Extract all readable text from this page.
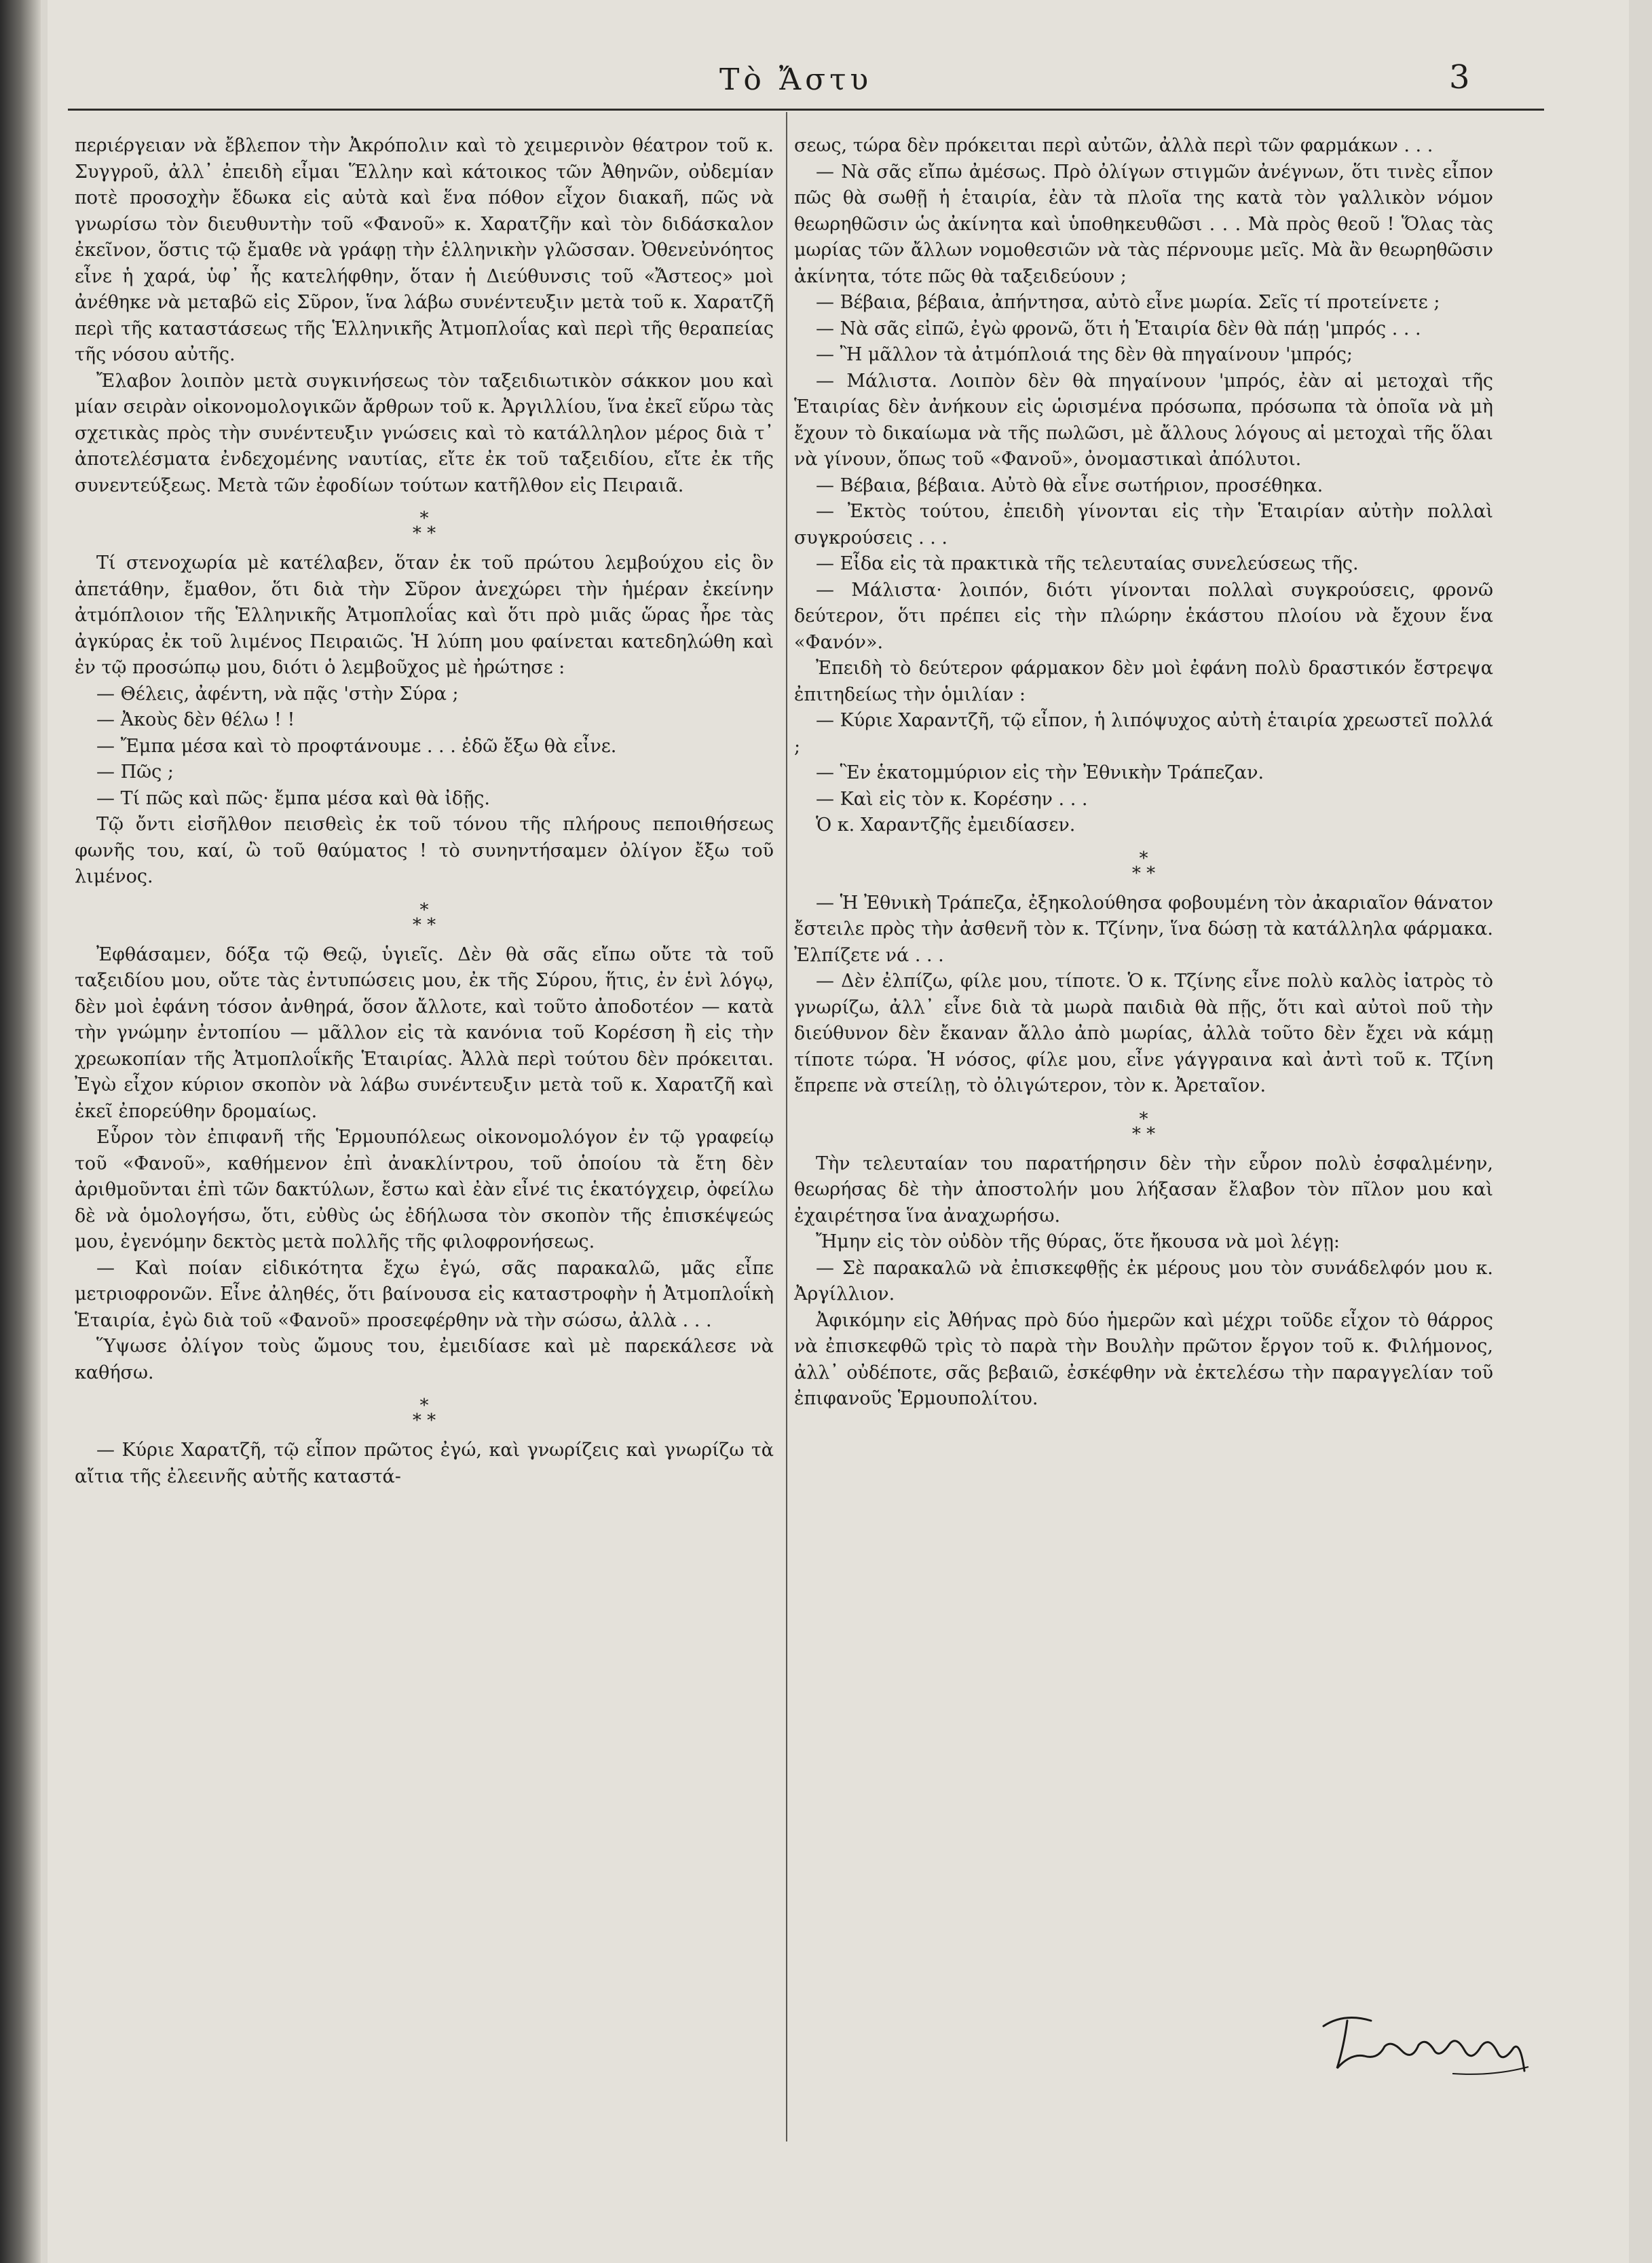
Τὸ Ἄστυ	3

περιέργειαν νὰ ἔβλεπον τὴν Ἀκρόπολιν καὶ τὸ χειμερινὸν θέατρον τοῦ κ. Συγγροῦ, ἀλλ᾽ ἐπειδὴ εἶμαι Ἕλλην καὶ κάτοικος τῶν Ἀθηνῶν, οὐδεμίαν ποτὲ προσοχὴν ἔδωκα εἰς αὐτὰ καὶ ἕνα πόθον εἶχον διακαῆ, πῶς νὰ γνωρίσω τὸν διευθυντὴν τοῦ «Φανοῦ» κ. Χαρατζῆν καὶ τὸν διδάσκαλον ἐκεῖνον, ὅστις τῷ ἔμαθε νὰ γράφῃ τὴν ἑλληνικὴν γλῶσσαν. Ὀθενεὐνόητος εἶνε ἡ χαρά, ὑφ᾽ ἧς κατελήφθην, ὅταν ἡ Διεύθυνσις τοῦ «Ἄστεος» μοὶ ἀνέθηκε νὰ μεταβῶ εἰς Σῦρον, ἵνα λάβω συνέντευξιν μετὰ τοῦ κ. Χαρατζῆ περὶ τῆς καταστάσεως τῆς Ἑλληνικῆς Ἀτμοπλοΐας καὶ περὶ τῆς θεραπείας τῆς νόσου αὐτῆς.

Ἔλαβον λοιπὸν μετὰ συγκινήσεως τὸν ταξειδιωτικὸν σάκκον μου καὶ μίαν σειρὰν οἰκονομολογικῶν ἄρθρων τοῦ κ. Ἀργιλλίου, ἵνα ἐκεῖ εὕρω τὰς σχετικὰς πρὸς τὴν συνέντευξιν γνώσεις καὶ τὸ κατάλληλον μέρος διὰ τ᾽ ἀποτελέσματα ἐνδεχομένης ναυτίας, εἴτε ἐκ τοῦ ταξειδίου, εἴτε ἐκ τῆς συνεντεύξεως. Μετὰ τῶν ἐφοδίων τούτων κατῆλθον εἰς Πειραιᾶ.

*
* *

Τί στενοχωρία μὲ κατέλαβεν, ὅταν ἐκ τοῦ πρώτου λεμβούχου εἰς ὃν ἀπετάθην, ἔμαθον, ὅτι διὰ τὴν Σῦρον ἀνεχώρει τὴν ἡμέραν ἐκείνην ἀτμόπλοιον τῆς Ἑλληνικῆς Ἀτμοπλοΐας καὶ ὅτι πρὸ μιᾶς ὥρας ἦρε τὰς ἀγκύρας ἐκ τοῦ λιμένος Πειραιῶς. Ἡ λύπη μου φαίνεται κατεδηλώθη καὶ ἐν τῷ προσώπῳ μου, διότι ὁ λεμβοῦχος μὲ ἠρώτησε :

— Θέλεις, ἀφέντη, νὰ πᾷς 'στὴν Σύρα ;

— Ἀκοὺς δὲν θέλω ! !

— Ἔμπα μέσα καὶ τὸ προφτάνουμε . . . ἐδῶ ἔξω θὰ εἶνε.

— Πῶς ;

— Τί πῶς καὶ πῶς· ἔμπα μέσα καὶ θὰ ἰδῇς.

Τῷ ὄντι εἰσῆλθον πεισθεὶς ἐκ τοῦ τόνου τῆς πλήρους πεποιθήσεως φωνῆς του, καί, ὢ τοῦ θαύματος ! τὸ συνηντήσαμεν ὀλίγον ἔξω τοῦ λιμένος.

*
* *

Ἐφθάσαμεν, δόξα τῷ Θεῷ, ὑγιεῖς. Δὲν θὰ σᾶς εἴπω οὔτε τὰ τοῦ ταξειδίου μου, οὔτε τὰς ἐντυπώσεις μου, ἐκ τῆς Σύρου, ἥτις, ἐν ἑνὶ λόγῳ, δὲν μοὶ ἐφάνη τόσον ἀνθηρά, ὅσον ἄλλοτε, καὶ τοῦτο ἀποδοτέον — κατὰ τὴν γνώμην ἐντοπίου — μᾶλλον εἰς τὰ κανόνια τοῦ Κορέσση ἢ εἰς τὴν χρεωκοπίαν τῆς Ἀτμοπλοΐκῆς Ἑταιρίας. Ἀλλὰ περὶ τούτου δὲν πρόκειται. Ἐγὼ εἶχον κύριον σκοπὸν νὰ λάβω συνέντευξιν μετὰ τοῦ κ. Χαρατζῆ καὶ ἐκεῖ ἐπορεύθην δρομαίως.

Εὗρον τὸν ἐπιφανῆ τῆς Ἑρμουπόλεως οἰκονομολόγον ἐν τῷ γραφείῳ τοῦ «Φανοῦ», καθήμενον ἐπὶ ἀνακλίντρου, τοῦ ὁποίου τὰ ἔτη δὲν ἀριθμοῦνται ἐπὶ τῶν δακτύλων, ἔστω καὶ ἐὰν εἶνέ τις ἑκατόγχειρ, ὀφείλω δὲ νὰ ὁμολογήσω, ὅτι, εὐθὺς ὡς ἐδήλωσα τὸν σκοπὸν τῆς ἐπισκέψεώς μου, ἐγενόμην δεκτὸς μετὰ πολλῆς τῆς φιλοφρονήσεως.

— Καὶ ποίαν εἰδικότητα ἔχω ἐγώ, σᾶς παρακαλῶ, μᾶς εἶπε μετριοφρονῶν. Εἶνε ἀληθές, ὅτι βαίνουσα εἰς καταστροφὴν ἡ Ἀτμοπλοΐκὴ Ἑταιρία, ἐγὼ διὰ τοῦ «Φανοῦ» προσεφέρθην νὰ τὴν σώσω, ἀλλὰ . . .

Ὕψωσε ὀλίγον τοὺς ὤμους του, ἐμειδίασε καὶ μὲ παρεκάλεσε νὰ καθήσω.

*
* *

— Κύριε Χαρατζῆ, τῷ εἶπον πρῶτος ἐγώ, καὶ γνωρίζεις καὶ γνωρίζω τὰ αἴτια τῆς ἐλεεινῆς αὐτῆς καταστά-

σεως, τώρα δὲν πρόκειται περὶ αὐτῶν, ἀλλὰ περὶ τῶν φαρμάκων . . .

— Νὰ σᾶς εἴπω ἀμέσως. Πρὸ ὀλίγων στιγμῶν ἀνέγνων, ὅτι τινὲς εἶπον πῶς θὰ σωθῇ ἡ ἑταιρία, ἐὰν τὰ πλοῖα της κατὰ τὸν γαλλικὸν νόμον θεωρηθῶσιν ὡς ἀκίνητα καὶ ὑποθηκευθῶσι . . . Μὰ πρὸς θεοῦ ! Ὅλας τὰς μωρίας τῶν ἄλλων νομοθεσιῶν νὰ τὰς πέρνουμε μεῖς. Μὰ ἂν θεωρηθῶσιν ἀκίνητα, τότε πῶς θὰ ταξειδεύουν ;

— Βέβαια, βέβαια, ἀπήντησα, αὐτὸ εἶνε μωρία. Σεῖς τί προτείνετε ;

— Νὰ σᾶς εἰπῶ, ἐγὼ φρονῶ, ὅτι ἡ Ἑταιρία δὲν θὰ πάῃ 'μπρός . . .

— Ἢ μᾶλλον τὰ ἀτμόπλοιά της δὲν θὰ πηγαίνουν 'μπρός;

— Μάλιστα. Λοιπὸν δὲν θὰ πηγαίνουν 'μπρός, ἐὰν αἱ μετοχαὶ τῆς Ἑταιρίας δὲν ἀνήκουν εἰς ὡρισμένα πρόσωπα, πρόσωπα τὰ ὁποῖα νὰ μὴ ἔχουν τὸ δικαίωμα νὰ τῆς πωλῶσι, μὲ ἄλλους λόγους αἱ μετοχαὶ τῆς ὅλαι νὰ γίνουν, ὅπως τοῦ «Φανοῦ», ὀνομαστικαὶ ἀπόλυτοι.

— Βέβαια, βέβαια. Αὐτὸ θὰ εἶνε σωτήριον, προσέθηκα.

— Ἐκτὸς τούτου, ἐπειδὴ γίνονται εἰς τὴν Ἑταιρίαν αὐτὴν πολλαὶ συγκρούσεις . . .

— Εἶδα εἰς τὰ πρακτικὰ τῆς τελευταίας συνελεύσεως τῆς.

— Μάλιστα· λοιπόν, διότι γίνονται πολλαὶ συγκρούσεις, φρονῶ δεύτερον, ὅτι πρέπει εἰς τὴν πλώρην ἑκάστου πλοίου νὰ ἔχουν ἕνα «Φανόν».

Ἐπειδὴ τὸ δεύτερον φάρμακον δὲν μοὶ ἐφάνη πολὺ δραστικόν ἔστρεψα ἐπιτηδείως τὴν ὁμιλίαν :

— Κύριε Χαραντζῆ, τῷ εἶπον, ἡ λιπόψυχος αὐτὴ ἑταιρία χρεωστεῖ πολλά ;

— Ἓν ἑκατομμύριον εἰς τὴν Ἐθνικὴν Τράπεζαν.

— Καὶ εἰς τὸν κ. Κορέσην . . .

Ὁ κ. Χαραντζῆς ἐμειδίασεν.

*
* *

— Ἡ Ἐθνικὴ Τράπεζα, ἐξηκολούθησα φοβουμένη τὸν ἀκαριαῖον θάνατον ἔστειλε πρὸς τὴν ἀσθενῆ τὸν κ. Τζίνην, ἵνα δώσῃ τὰ κατάλληλα φάρμακα. Ἐλπίζετε νά . . .

— Δὲν ἐλπίζω, φίλε μου, τίποτε. Ὁ κ. Τζίνης εἶνε πολὺ καλὸς ἰατρὸς τὸ γνωρίζω, ἀλλ᾽ εἶνε διὰ τὰ μωρὰ παιδιὰ θὰ πῇς, ὅτι καὶ αὐτοὶ ποῦ τὴν διεύθυνον δὲν ἔκαναν ἄλλο ἀπὸ μωρίας, ἀλλὰ τοῦτο δὲν ἔχει νὰ κάμῃ τίποτε τώρα. Ἡ νόσος, φίλε μου, εἶνε γάγγραινα καὶ ἀντὶ τοῦ κ. Τζίνη ἔπρεπε νὰ στείλῃ, τὸ ὀλιγώτερον, τὸν κ. Ἀρεταῖον.

*
* *

Τὴν τελευταίαν του παρατήρησιν δὲν τὴν εὗρον πολὺ ἐσφαλμένην, θεωρήσας δὲ τὴν ἀποστολήν μου λήξασαν ἔλαβον τὸν πῖλον μου καὶ ἐχαιρέτησα ἵνα ἀναχωρήσω.

Ἤμην εἰς τὸν οὐδὸν τῆς θύρας, ὅτε ἤκουσα νὰ μοὶ λέγῃ:

— Σὲ παρακαλῶ νὰ ἐπισκεφθῇς ἐκ μέρους μου τὸν συνάδελφόν μου κ. Ἀργίλλιον.

Ἀφικόμην εἰς Ἀθήνας πρὸ δύο ἡμερῶν καὶ μέχρι τοῦδε εἶχον τὸ θάρρος νὰ ἐπισκεφθῶ τρὶς τὸ παρὰ τὴν Βουλὴν πρῶτον ἔργον τοῦ κ. Φιλήμονος, ἀλλ᾽ οὐδέποτε, σᾶς βεβαιῶ, ἐσκέφθην νὰ ἐκτελέσω τὴν παραγγελίαν τοῦ ἐπιφανοῦς Ἑρμουπολίτου.
